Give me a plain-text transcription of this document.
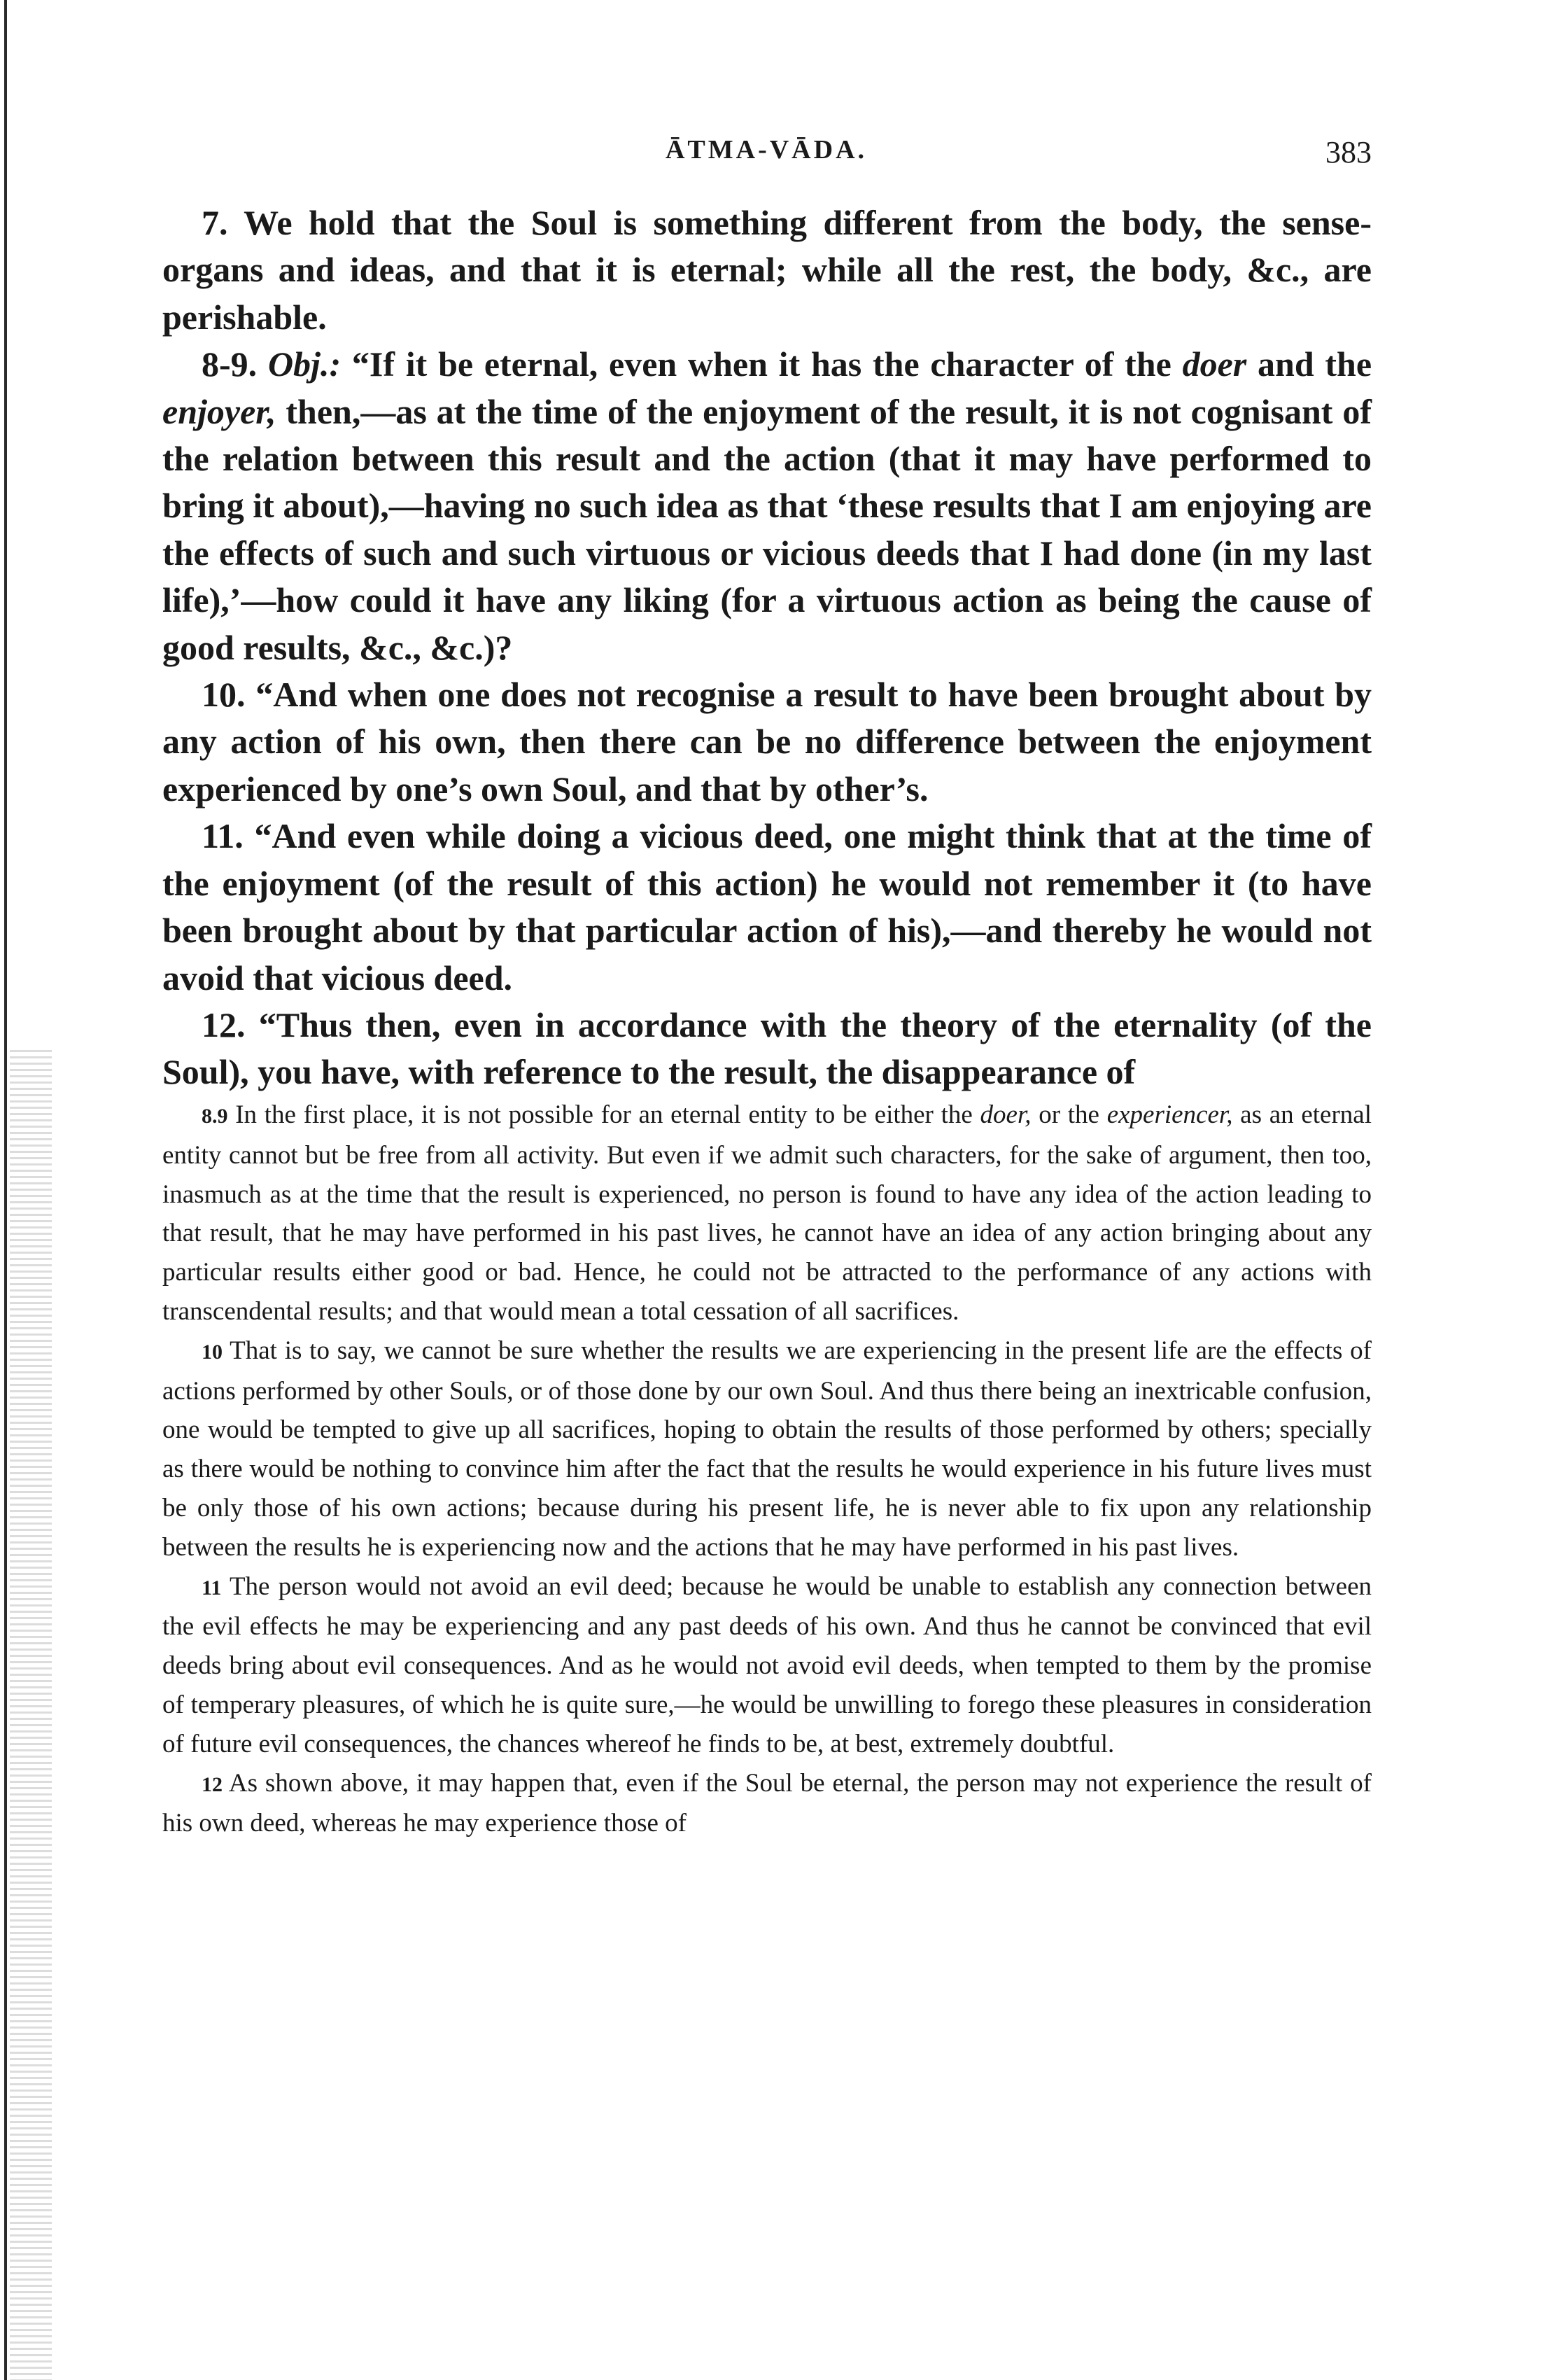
ĀTMA-VĀDA.	383

7. We hold that the Soul is something different from the body, the sense-organs and ideas, and that it is eternal; while all the rest, the body, &c., are perishable.

8-9. Obj.: “If it be eternal, even when it has the character of the doer and the enjoyer, then,—as at the time of the enjoyment of the result, it is not cognisant of the relation between this result and the action (that it may have performed to bring it about),—having no such idea as that ‘these results that I am enjoying are the effects of such and such virtuous or vicious deeds that I had done (in my last life),’—how could it have any liking (for a virtuous action as being the cause of good results, &c., &c.)?

10. “And when one does not recognise a result to have been brought about by any action of his own, then there can be no difference between the enjoyment experienced by one’s own Soul, and that by other’s.

11. “And even while doing a vicious deed, one might think that at the time of the enjoyment (of the result of this action) he would not remember it (to have been brought about by that particular action of his),—and thereby he would not avoid that vicious deed.

12. “Thus then, even in accordance with the theory of the eternality (of the Soul), you have, with reference to the result, the disappearance of

8.9 In the first place, it is not possible for an eternal entity to be either the doer, or the experiencer, as an eternal entity cannot but be free from all activity. But even if we admit such characters, for the sake of argument, then too, inasmuch as at the time that the result is experienced, no person is found to have any idea of the action leading to that result, that he may have performed in his past lives, he cannot have an idea of any action bringing about any particular results either good or bad. Hence, he could not be attracted to the performance of any actions with transcendental results; and that would mean a total cessation of all sacrifices.

10 That is to say, we cannot be sure whether the results we are experiencing in the present life are the effects of actions performed by other Souls, or of those done by our own Soul. And thus there being an inextricable confusion, one would be tempted to give up all sacrifices, hoping to obtain the results of those performed by others; specially as there would be nothing to convince him after the fact that the results he would experience in his future lives must be only those of his own actions; because during his present life, he is never able to fix upon any relationship between the results he is experiencing now and the actions that he may have performed in his past lives.

11 The person would not avoid an evil deed; because he would be unable to establish any connection between the evil effects he may be experiencing and any past deeds of his own. And thus he cannot be convinced that evil deeds bring about evil consequences. And as he would not avoid evil deeds, when tempted to them by the promise of temperary pleasures, of which he is quite sure,—he would be unwilling to forego these pleasures in consideration of future evil consequences, the chances whereof he finds to be, at best, extremely doubtful.

12 As shown above, it may happen that, even if the Soul be eternal, the person may not experience the result of his own deed, whereas he may experience those of
